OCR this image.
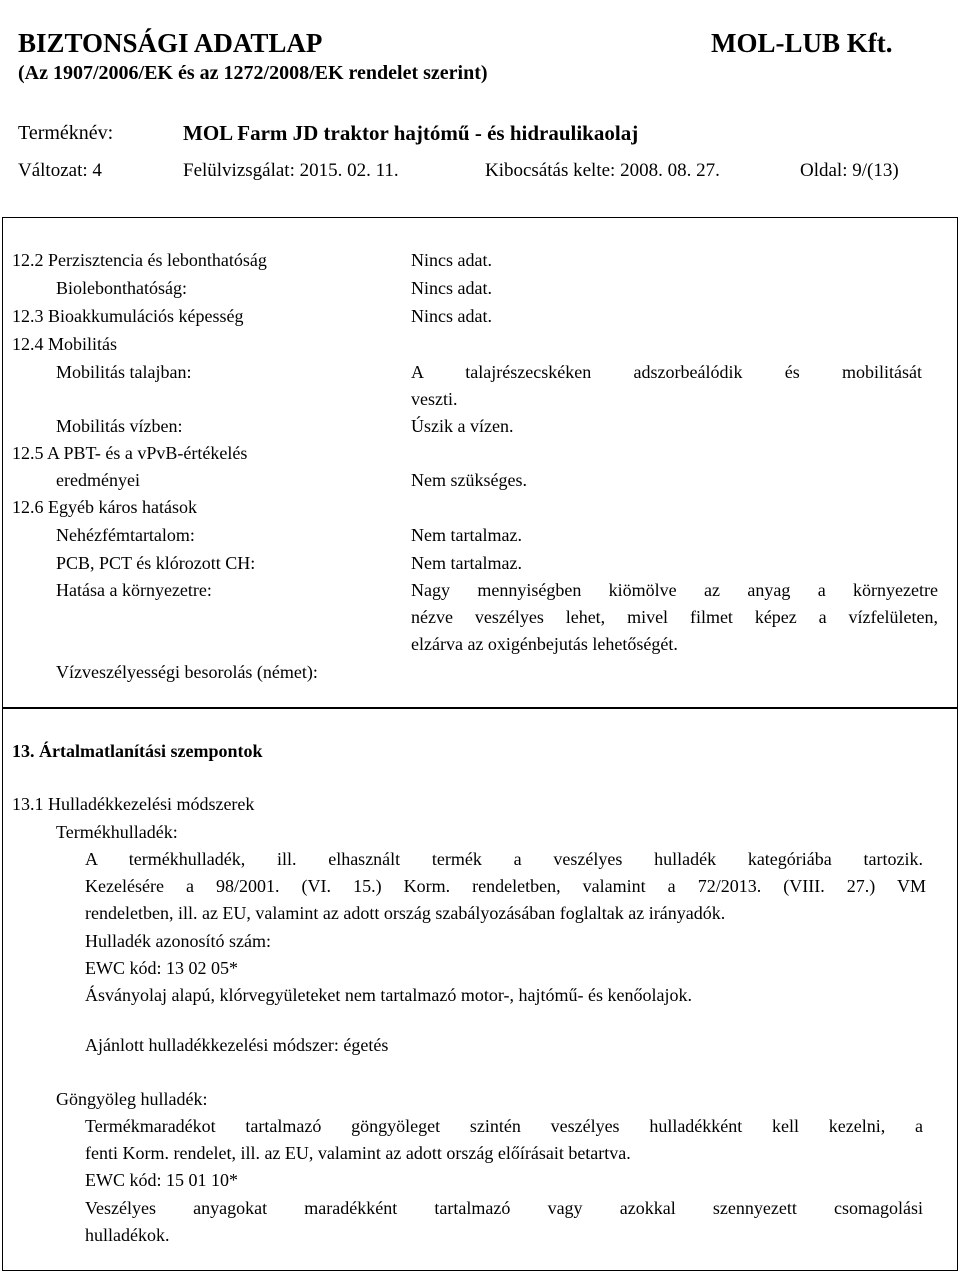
BIZTONSÁGI ADATLAP	MOL-LUB Kft.
(Az 1907/2006/EK és az 1272/2008/EK rendelet szerint)
Terméknév:	MOL Farm JD traktor hajtómű - és hidraulikaolaj
Változat: 4	Felülvizsgálat: 2015. 02. 11.	Kibocsátás kelte: 2008. 08. 27.	Oldal: 9/(13)
12.2 Perzisztencia és lebonthatóság	Nincs adat.
Biolebonthatóság:	Nincs adat.
12.3 Bioakkumulációs képesség	Nincs adat.
12.4 Mobilitás
Mobilitás talajban:	A talajrészecskéken adszorbeálódik és mobilitását
veszti.
Mobilitás vízben:	Úszik a vízen.
12.5 A PBT- és a vPvB-értékelés
eredményei	Nem szükséges.
12.6 Egyéb káros hatások
Nehézfémtartalom:	Nem tartalmaz.
PCB, PCT és klórozott CH:	Nem tartalmaz.
Hatása a környezetre:	Nagy mennyiségben kiömölve az anyag a környezetre
nézve veszélyes lehet, mivel filmet képez a vízfelületen,
elzárva az oxigénbejutás lehetőségét.
Vízveszélyességi besorolás (német):
13. Ártalmatlanítási szempontok
13.1 Hulladékkezelési módszerek
Termékhulladék:
A termékhulladék, ill. elhasznált termék a veszélyes hulladék kategóriába tartozik.
Kezelésére a 98/2001. (VI. 15.) Korm. rendeletben, valamint a 72/2013. (VIII. 27.) VM
rendeletben, ill. az EU, valamint az adott ország szabályozásában foglaltak az irányadók.
Hulladék azonosító szám:
EWC kód: 13 02 05*
Ásványolaj alapú, klórvegyületeket nem tartalmazó motor-, hajtómű- és kenőolajok.
Ajánlott hulladékkezelési módszer: égetés
Göngyöleg hulladék:
Termékmaradékot tartalmazó göngyöleget szintén veszélyes hulladékként kell kezelni, a
fenti Korm. rendelet, ill. az EU, valamint az adott ország előírásait betartva.
EWC kód: 15 01 10*
Veszélyes anyagokat maradékként tartalmazó vagy azokkal szennyezett csomagolási
hulladékok.
